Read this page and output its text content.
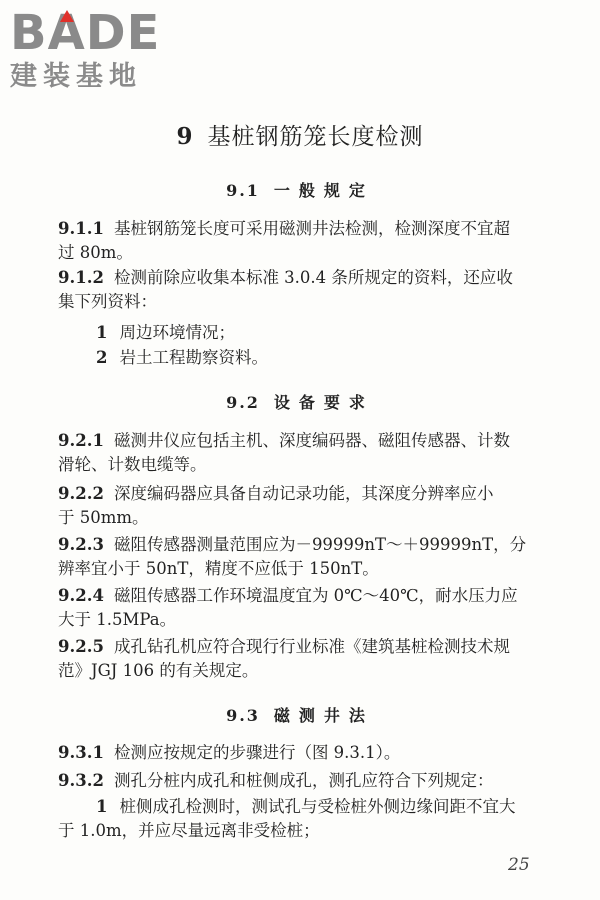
BA
DE
建装基地
9 基桩钢筋笼长度检测
9.1 一般规定
9.1.1 基桩钢筋笼长度可采用磁测井法检测，检测深度不宜超
过 80m。
9.1.2 检测前除应收集本标准 3.0.4 条所规定的资料，还应收
集下列资料：
1 周边环境情况；
2 岩土工程勘察资料。
9.2 设备要求
9.2.1 磁测井仪应包括主机、深度编码器、磁阻传感器、计数
滑轮、计数电缆等。
9.2.2 深度编码器应具备自动记录功能，其深度分辨率应小
于 50mm。
9.2.3 磁阻传感器测量范围应为－99999nT～＋99999nT，分
辨率宜小于 50nT，精度不应低于 150nT。
9.2.4 磁阻传感器工作环境温度宜为 0℃～40℃，耐水压力应
大于 1.5MPa。
9.2.5 成孔钻孔机应符合现行行业标准《建筑基桩检测技术规
范》JGJ 106 的有关规定。
9.3 磁测井法
9.3.1 检测应按规定的步骤进行（图 9.3.1）。
9.3.2 测孔分桩内成孔和桩侧成孔，测孔应符合下列规定：
1 桩侧成孔检测时，测试孔与受检桩外侧边缘间距不宜大
于 1.0m，并应尽量远离非受检桩；
25
